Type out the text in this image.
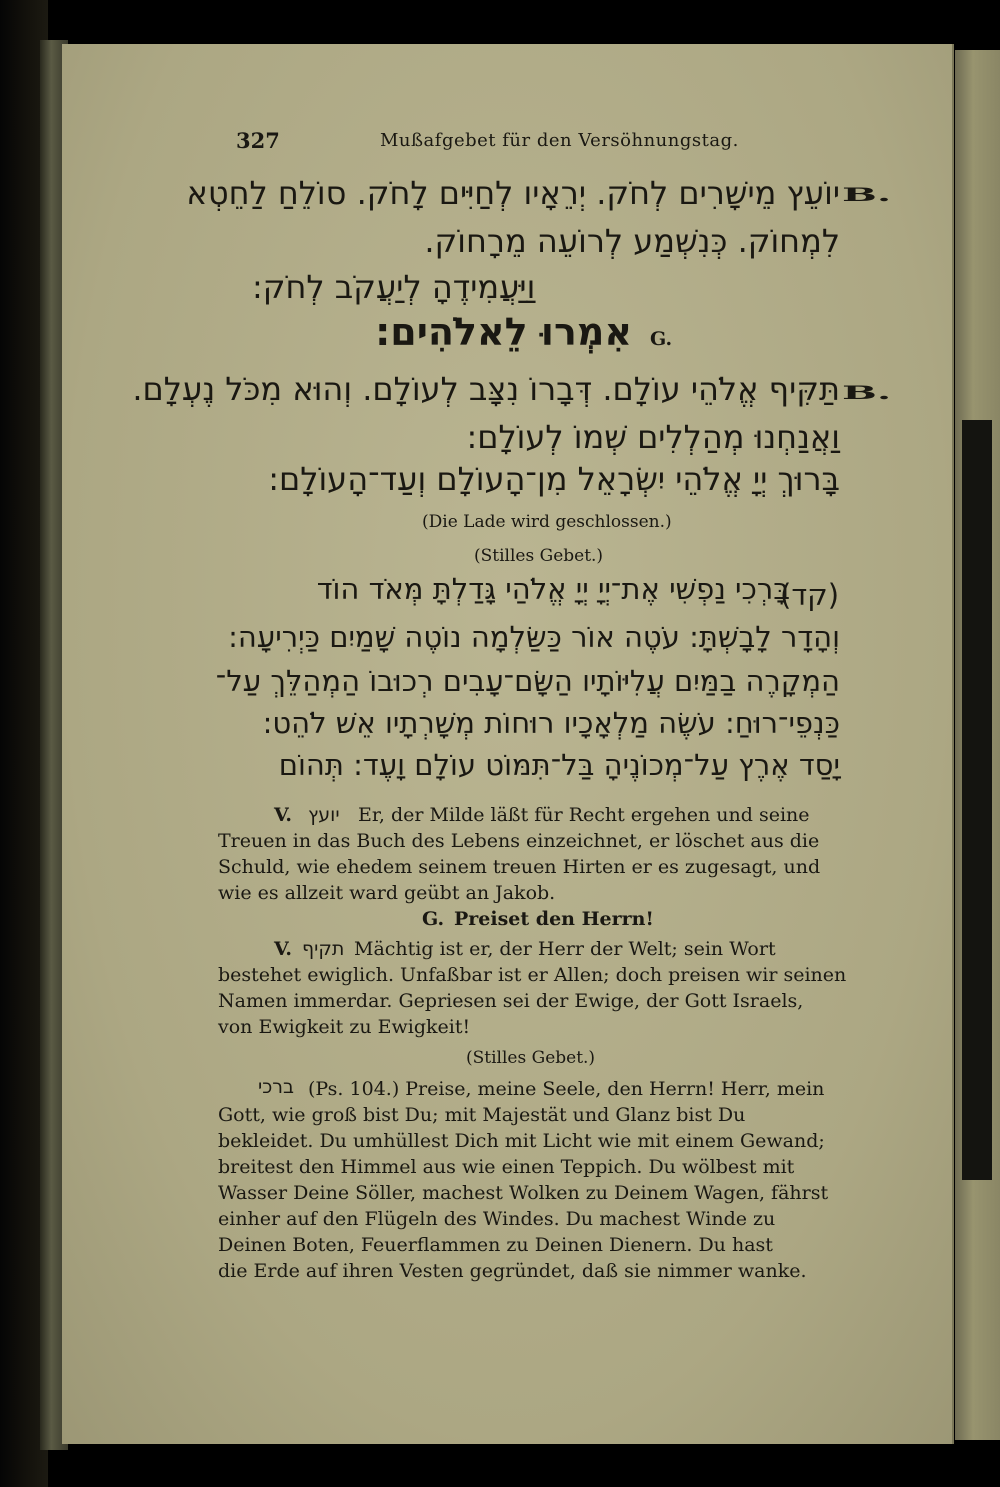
327	Mußafgebet für den Versöhnungstag.
B.
יוֹעֵץ מֵישָׁרִים לְחֹק. יְרֵאָיו לְחַיִּים לָחֹק. סוֹלֵחַ לַחֵטְא
לִמְחוֹק. כְּנִשְׁמַע לְרוֹעֵה מֵרָחוֹק.
וַיַּעֲמִידֶהָ לְיַעֲקֹב לְחֹק:
G.
אִמְרוּ לֵאלֹהִים:
B.
תַּקִּיף אֱלֹהֵי עוֹלָם. דְּבָרוֹ נִצָּב לְעוֹלָם. וְהוּא מִכֹּל נֶעְלָם.
וַאֲנַחְנוּ מְהַלְלִים שְׁמוֹ לְעוֹלָם:
בָּרוּךְ יְיָ אֱלֹהֵי יִשְׂרָאֵל מִן־הָעוֹלָם וְעַד־הָעוֹלָם:
(Die Lade wird geschlossen.)
(Stilles Gebet.)
(קד)
בָּרְכִי נַפְשִׁי אֶת־יְיָ יְיָ אֱלֹהַי גָּדַלְתָּ מְּאֹד הוֹד
וְהָדָר לָבָשְׁתָּ: עֹטֶה אוֹר כַּשַּׂלְמָה נוֹטֶה שָׁמַיִם כַּיְרִיעָה:
הַמְקָרֶה בַמַּיִם עֲלִיּוֹתָיו הַשָּׂם־עָבִים רְכוּבוֹ הַמְהַלֵּךְ עַל־
כַּנְפֵי־רוּחַ: עֹשֶׂה מַלְאָכָיו רוּחוֹת מְשָׁרְתָיו אֵשׁ לֹהֵט:
יָסַד אֶרֶץ עַל־מְכוֹנֶיהָ בַּל־תִּמּוֹט עוֹלָם וָעֶד: תְּהוֹם
V. יועץ Er, der Milde läßt für Recht ergehen und seine
Treuen in das Buch des Lebens einzeichnet, er löschet aus die
Schuld, wie ehedem seinem treuen Hirten er es zugesagt, und
wie es allzeit ward geübt an Jakob.
G. Preiset den Herrn!
V. תקיף Mächtig ist er, der Herr der Welt; sein Wort
bestehet ewiglich. Unfaßbar ist er Allen; doch preisen wir seinen
Namen immerdar. Gepriesen sei der Ewige, der Gott Israels,
von Ewigkeit zu Ewigkeit!
(Stilles Gebet.)
ברכי (Ps. 104.) Preise, meine Seele, den Herrn! Herr, mein
Gott, wie groß bist Du; mit Majestät und Glanz bist Du
bekleidet. Du umhüllest Dich mit Licht wie mit einem Gewand;
breitest den Himmel aus wie einen Teppich. Du wölbest mit
Wasser Deine Söller, machest Wolken zu Deinem Wagen, fährst
einher auf den Flügeln des Windes. Du machest Winde zu
Deinen Boten, Feuerflammen zu Deinen Dienern. Du hast
die Erde auf ihren Vesten gegründet, daß sie nimmer wanke.
